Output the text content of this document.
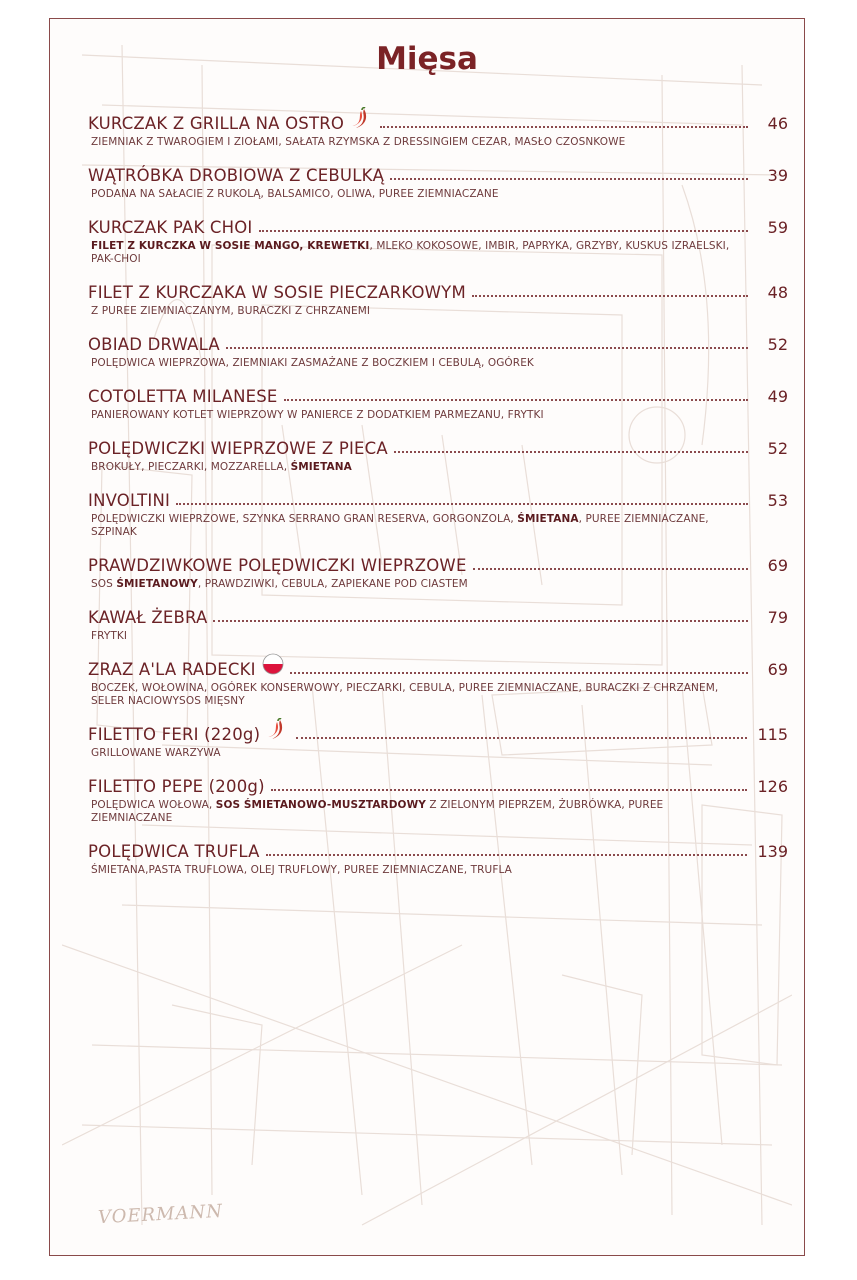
VOERMANN
Mięsa
KURCZAK Z GRILLA NA OSTRO	46
ZIEMNIAK Z TWAROGIEM I ZIOŁAMI, SAŁATA RZYMSKA Z DRESSINGIEM CEZAR, MASŁO CZOSNKOWE
WĄTRÓBKA DROBIOWA Z CEBULKĄ	39
PODANA NA SAŁACIE Z RUKOLĄ, BALSAMICO, OLIWA, PUREE ZIEMNIACZANE
KURCZAK PAK CHOI	59
FILET Z KURCZKA W SOSIE MANGO, KREWETKI, MLEKO KOKOSOWE, IMBIR, PAPRYKA, GRZYBY, KUSKUS IZRAELSKI, PAK-CHOI
FILET Z KURCZAKA W SOSIE PIECZARKOWYM	48
Z PUREE ZIEMNIACZANYM, BURACZKI Z CHRZANEMI
OBIAD DRWALA	52
POLĘDWICA WIEPRZOWA, ZIEMNIAKI ZASMAŻANE Z BOCZKIEM I CEBULĄ, OGÓREK
COTOLETTA MILANESE	49
PANIEROWANY KOTLET WIEPRZOWY W PANIERCE Z DODATKIEM PARMEZANU, FRYTKI
POLĘDWICZKI WIEPRZOWE Z PIECA	52
BROKUŁY, PIECZARKI, MOZZARELLA, ŚMIETANA
INVOLTINI	53
POLĘDWICZKI WIEPRZOWE, SZYNKA SERRANO GRAN RESERVA, GORGONZOLA, ŚMIETANA, PUREE ZIEMNIACZANE, SZPINAK
PRAWDZIWKOWE POLĘDWICZKI WIEPRZOWE	69
SOS ŚMIETANOWY, PRAWDZIWKI, CEBULA, ZAPIEKANE POD CIASTEM
KAWAŁ ŻEBRA	79
FRYTKI
ZRAZ A'LA RADECKI	69
BOCZEK, WOŁOWINA, OGÓREK KONSERWOWY, PIECZARKI, CEBULA, PUREE ZIEMNIACZANE, BURACZKI Z CHRZANEM, SELER NACIOWYSOS MIĘSNY
FILETTO FERI (220g)	115
GRILLOWANE WARZYWA
FILETTO PEPE (200g)	126
POLĘDWICA WOŁOWA, SOS ŚMIETANOWO-MUSZTARDOWY Z ZIELONYM PIEPRZEM, ŻUBRÓWKA, PUREE ZIEMNIACZANE
POLĘDWICA TRUFLA	139
ŚMIETANA,PASTA TRUFLOWA, OLEJ TRUFLOWY, PUREE ZIEMNIACZANE, TRUFLA
